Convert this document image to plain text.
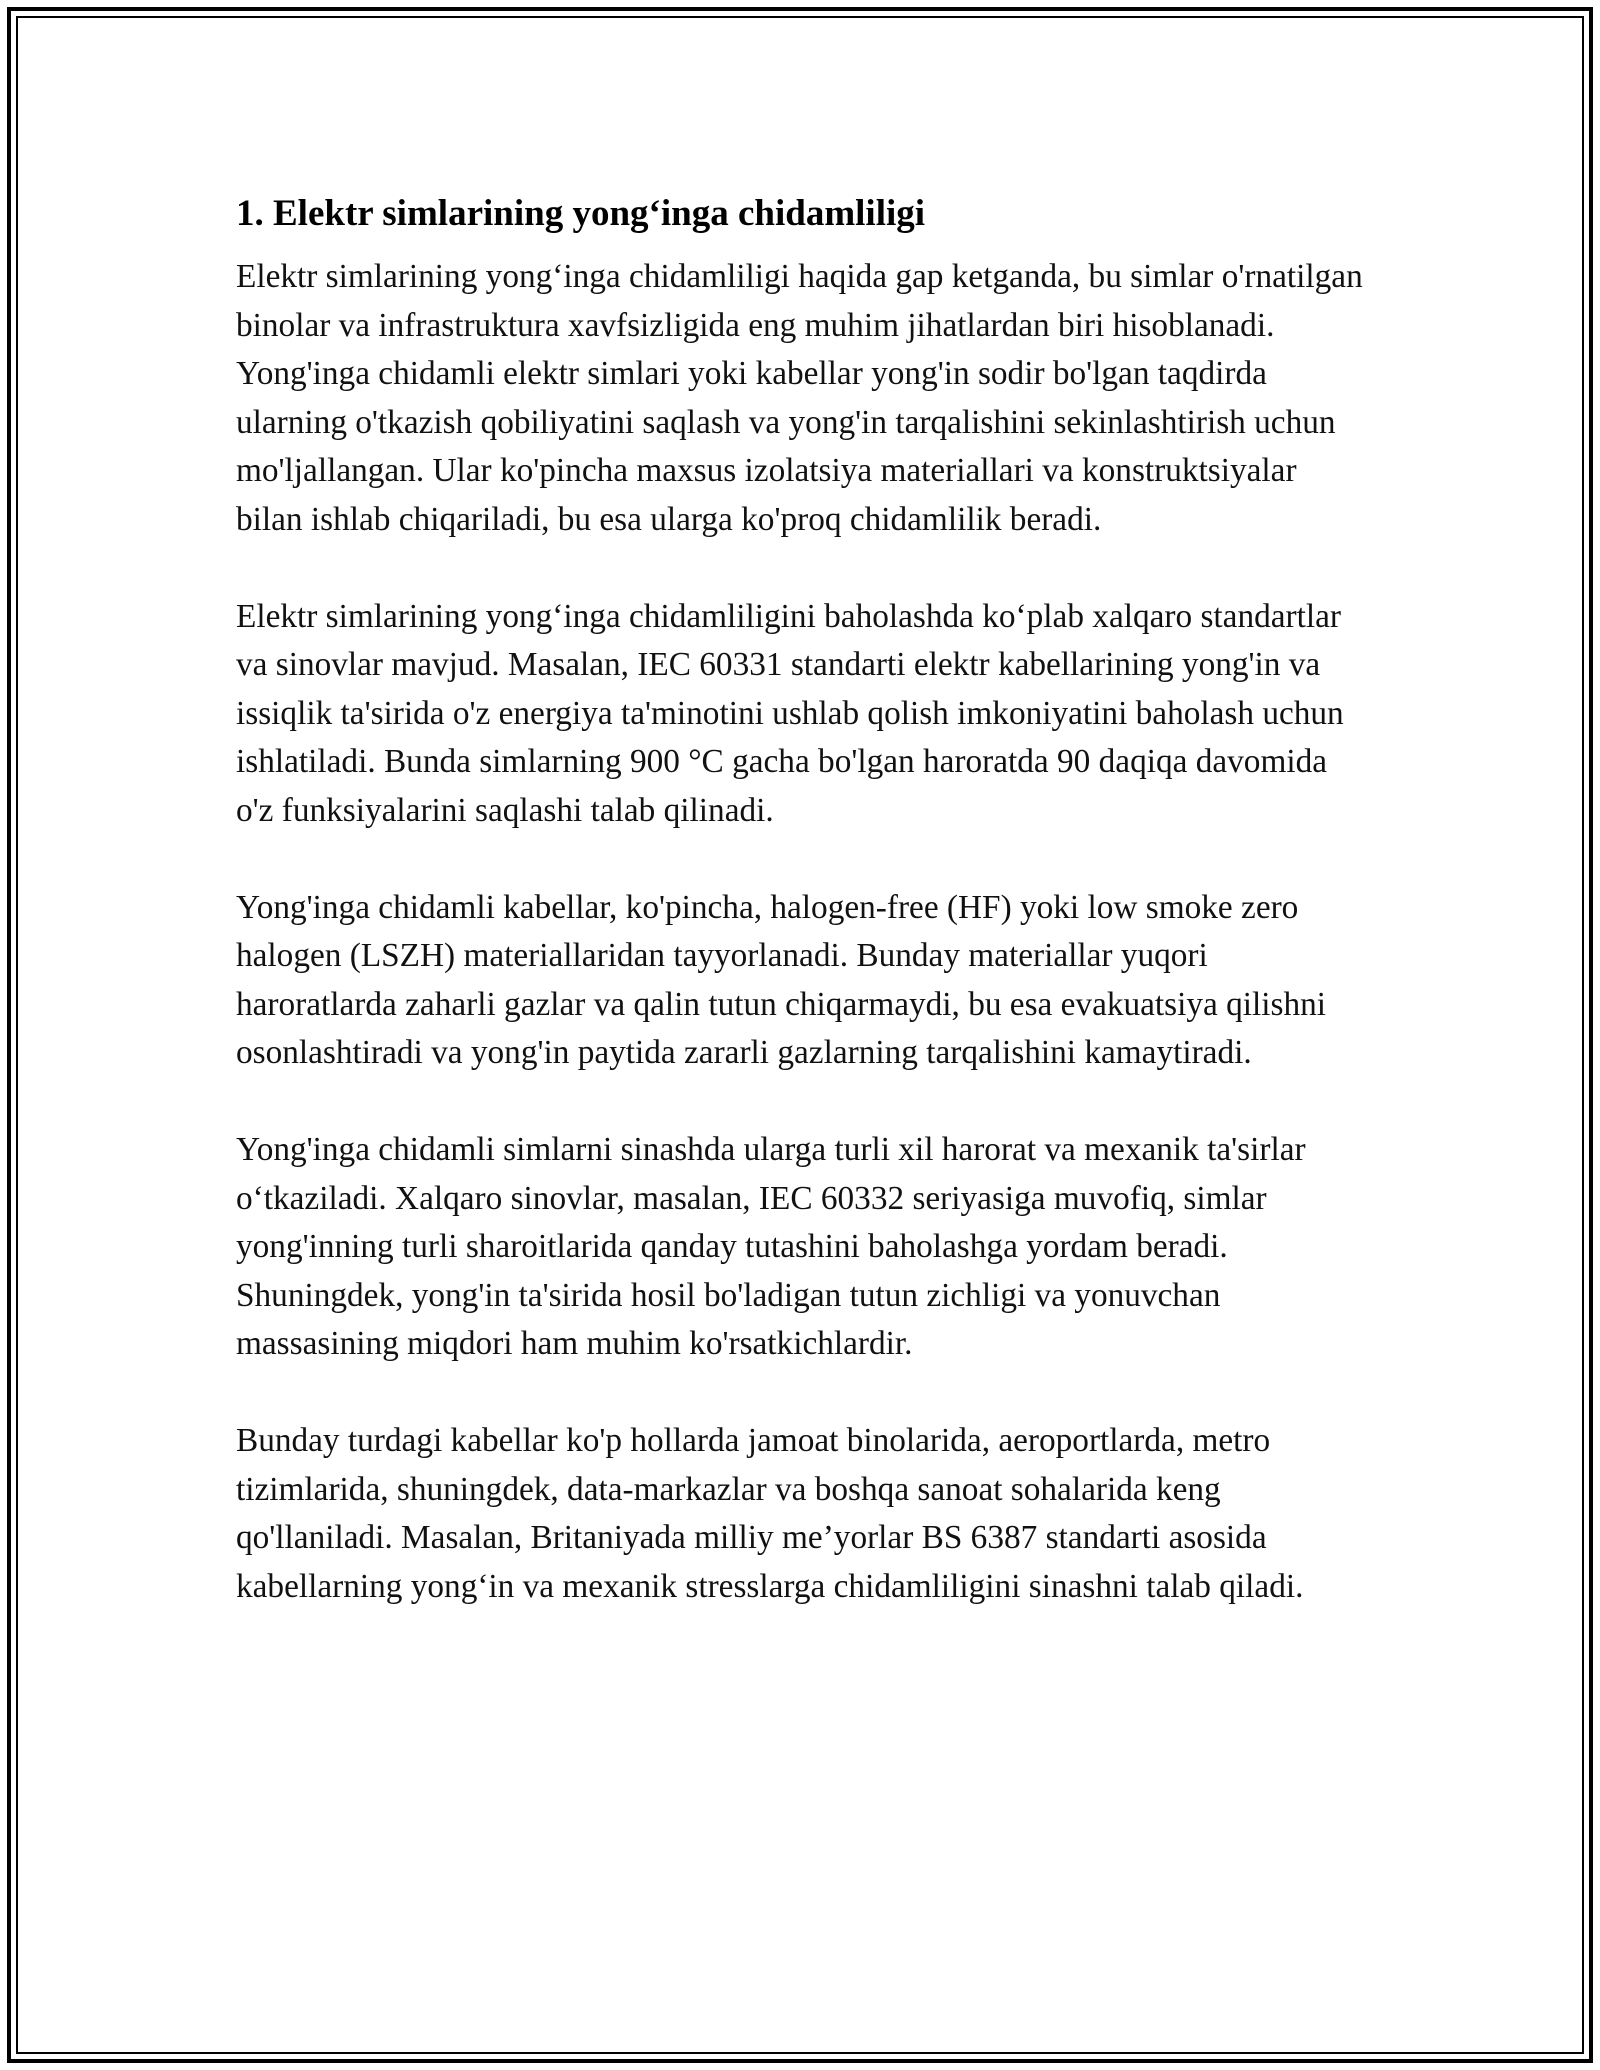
1. Elektr simlarining yong‘inga chidamliligi

Elektr simlarining yong‘inga chidamliligi haqida gap ketganda, bu simlar o'rnatilgan binolar va infrastruktura xavfsizligida eng muhim jihatlardan biri hisoblanadi. Yong'inga chidamli elektr simlari yoki kabellar yong'in sodir bo'lgan taqdirda ularning o'tkazish qobiliyatini saqlash va yong'in tarqalishini sekinlashtirish uchun mo'ljallangan. Ular ko'pincha maxsus izolatsiya materiallari va konstruktsiyalar bilan ishlab chiqariladi, bu esa ularga ko'proq chidamlilik beradi.

Elektr simlarining yong‘inga chidamliligini baholashda ko‘plab xalqaro standartlar va sinovlar mavjud. Masalan, IEC 60331 standarti elektr kabellarining yong'in va issiqlik ta'sirida o'z energiya ta'minotini ushlab qolish imkoniyatini baholash uchun ishlatiladi. Bunda simlarning 900 °C gacha bo'lgan haroratda 90 daqiqa davomida o'z funksiyalarini saqlashi talab qilinadi.

Yong'inga chidamli kabellar, ko'pincha, halogen-free (HF) yoki low smoke zero halogen (LSZH) materiallaridan tayyorlanadi. Bunday materiallar yuqori haroratlarda zaharli gazlar va qalin tutun chiqarmaydi, bu esa evakuatsiya qilishni osonlashtiradi va yong'in paytida zararli gazlarning tarqalishini kamaytiradi.

Yong'inga chidamli simlarni sinashda ularga turli xil harorat va mexanik ta'sirlar o‘tkaziladi. Xalqaro sinovlar, masalan, IEC 60332 seriyasiga muvofiq, simlar yong'inning turli sharoitlarida qanday tutashini baholashga yordam beradi. Shuningdek, yong'in ta'sirida hosil bo'ladigan tutun zichligi va yonuvchan massasining miqdori ham muhim ko'rsatkichlardir.

Bunday turdagi kabellar ko'p hollarda jamoat binolarida, aeroportlarda, metro tizimlarida, shuningdek, data-markazlar va boshqa sanoat sohalarida keng qo'llaniladi. Masalan, Britaniyada milliy me’yorlar BS 6387 standarti asosida kabellarning yong‘in va mexanik stresslarga chidamliligini sinashni talab qiladi.
